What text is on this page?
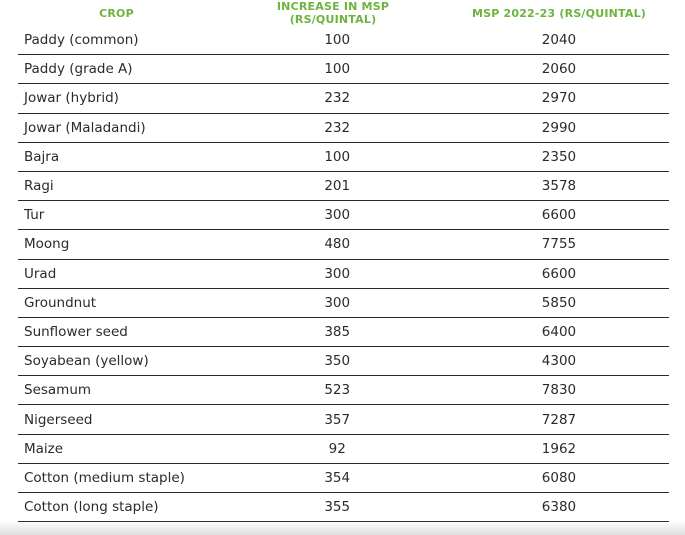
CROP	INCREASE IN MSP (RS/QUINTAL)	MSP 2022-23 (RS/QUINTAL)
Paddy (common)	100	2040
Paddy (grade A)	100	2060
Jowar (hybrid)	232	2970
Jowar (Maladandi)	232	2990
Bajra	100	2350
Ragi	201	3578
Tur	300	6600
Moong	480	7755
Urad	300	6600
Groundnut	300	5850
Sunflower seed	385	6400
Soyabean (yellow)	350	4300
Sesamum	523	7830
Nigerseed	357	7287
Maize	92	1962
Cotton (medium staple)	354	6080
Cotton (long staple)	355	6380
